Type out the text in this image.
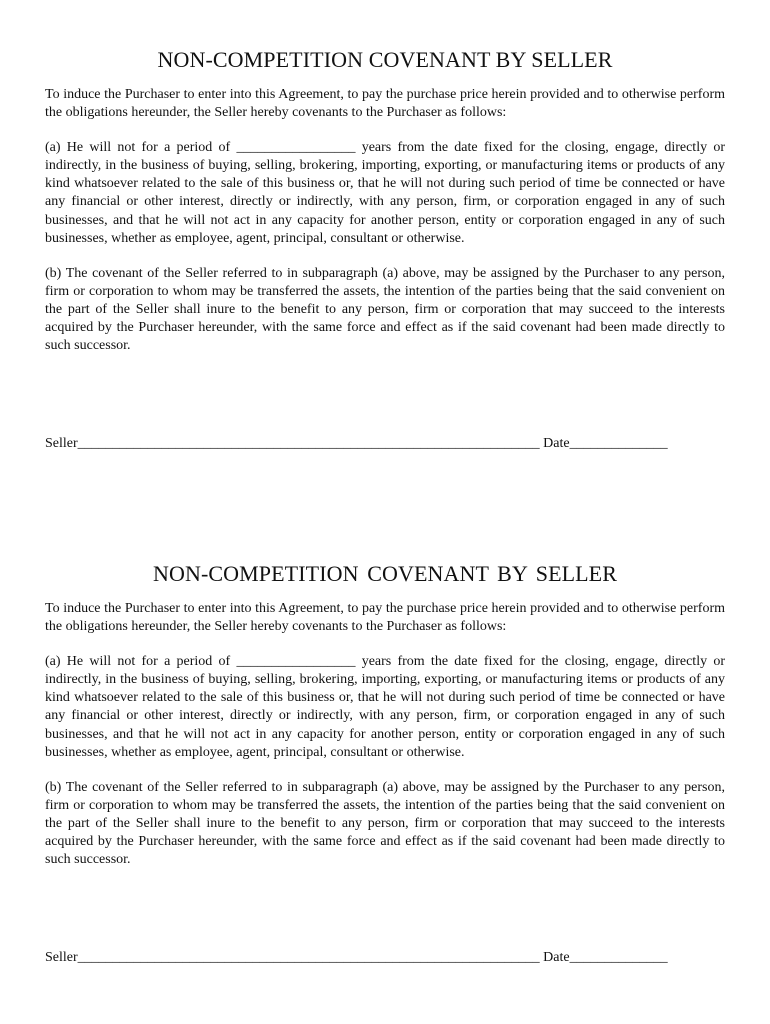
NON-COMPETITION COVENANT BY SELLER

To induce the Purchaser to enter into this Agreement, to pay the purchase price herein provided and to otherwise perform the obligations hereunder, the Seller hereby covenants to the Purchaser as follows:

(a) He will not for a period of _________________ years from the date fixed for the closing, engage, directly or indirectly, in the business of buying, selling, brokering, importing, exporting, or manufacturing items or products of any kind whatsoever related to the sale of this business or, that he will not during such period of time be connected or have any financial or other interest, directly or indirectly, with any person, firm, or corporation engaged in any of such businesses, and that he will not act in any capacity for another person, entity or corporation engaged in any of such businesses, whether as employee, agent, principal, consultant or otherwise.

(b) The covenant of the Seller referred to in subparagraph (a) above, may be assigned by the Purchaser to any person, firm or corporation to whom may be transferred the assets, the intention of the parties being that the said convenient on the part of the Seller shall inure to the benefit to any person, firm or corporation that may succeed to the interests acquired by the Purchaser hereunder, with the same force and effect as if the said covenant had been made directly to such successor.

Seller__________________________________________________________________ Date______________
NON-COMPETITION COVENANT BY SELLER

To induce the Purchaser to enter into this Agreement, to pay the purchase price herein provided and to otherwise perform the obligations hereunder, the Seller hereby covenants to the Purchaser as follows:

(a) He will not for a period of _________________ years from the date fixed for the closing, engage, directly or indirectly, in the business of buying, selling, brokering, importing, exporting, or manufacturing items or products of any kind whatsoever related to the sale of this business or, that he will not during such period of time be connected or have any financial or other interest, directly or indirectly, with any person, firm, or corporation engaged in any of such businesses, and that he will not act in any capacity for another person, entity or corporation engaged in any of such businesses, whether as employee, agent, principal, consultant or otherwise.

(b) The covenant of the Seller referred to in subparagraph (a) above, may be assigned by the Purchaser to any person, firm or corporation to whom may be transferred the assets, the intention of the parties being that the said convenient on the part of the Seller shall inure to the benefit to any person, firm or corporation that may succeed to the interests acquired by the Purchaser hereunder, with the same force and effect as if the said covenant had been made directly to such successor.

Seller__________________________________________________________________ Date______________
